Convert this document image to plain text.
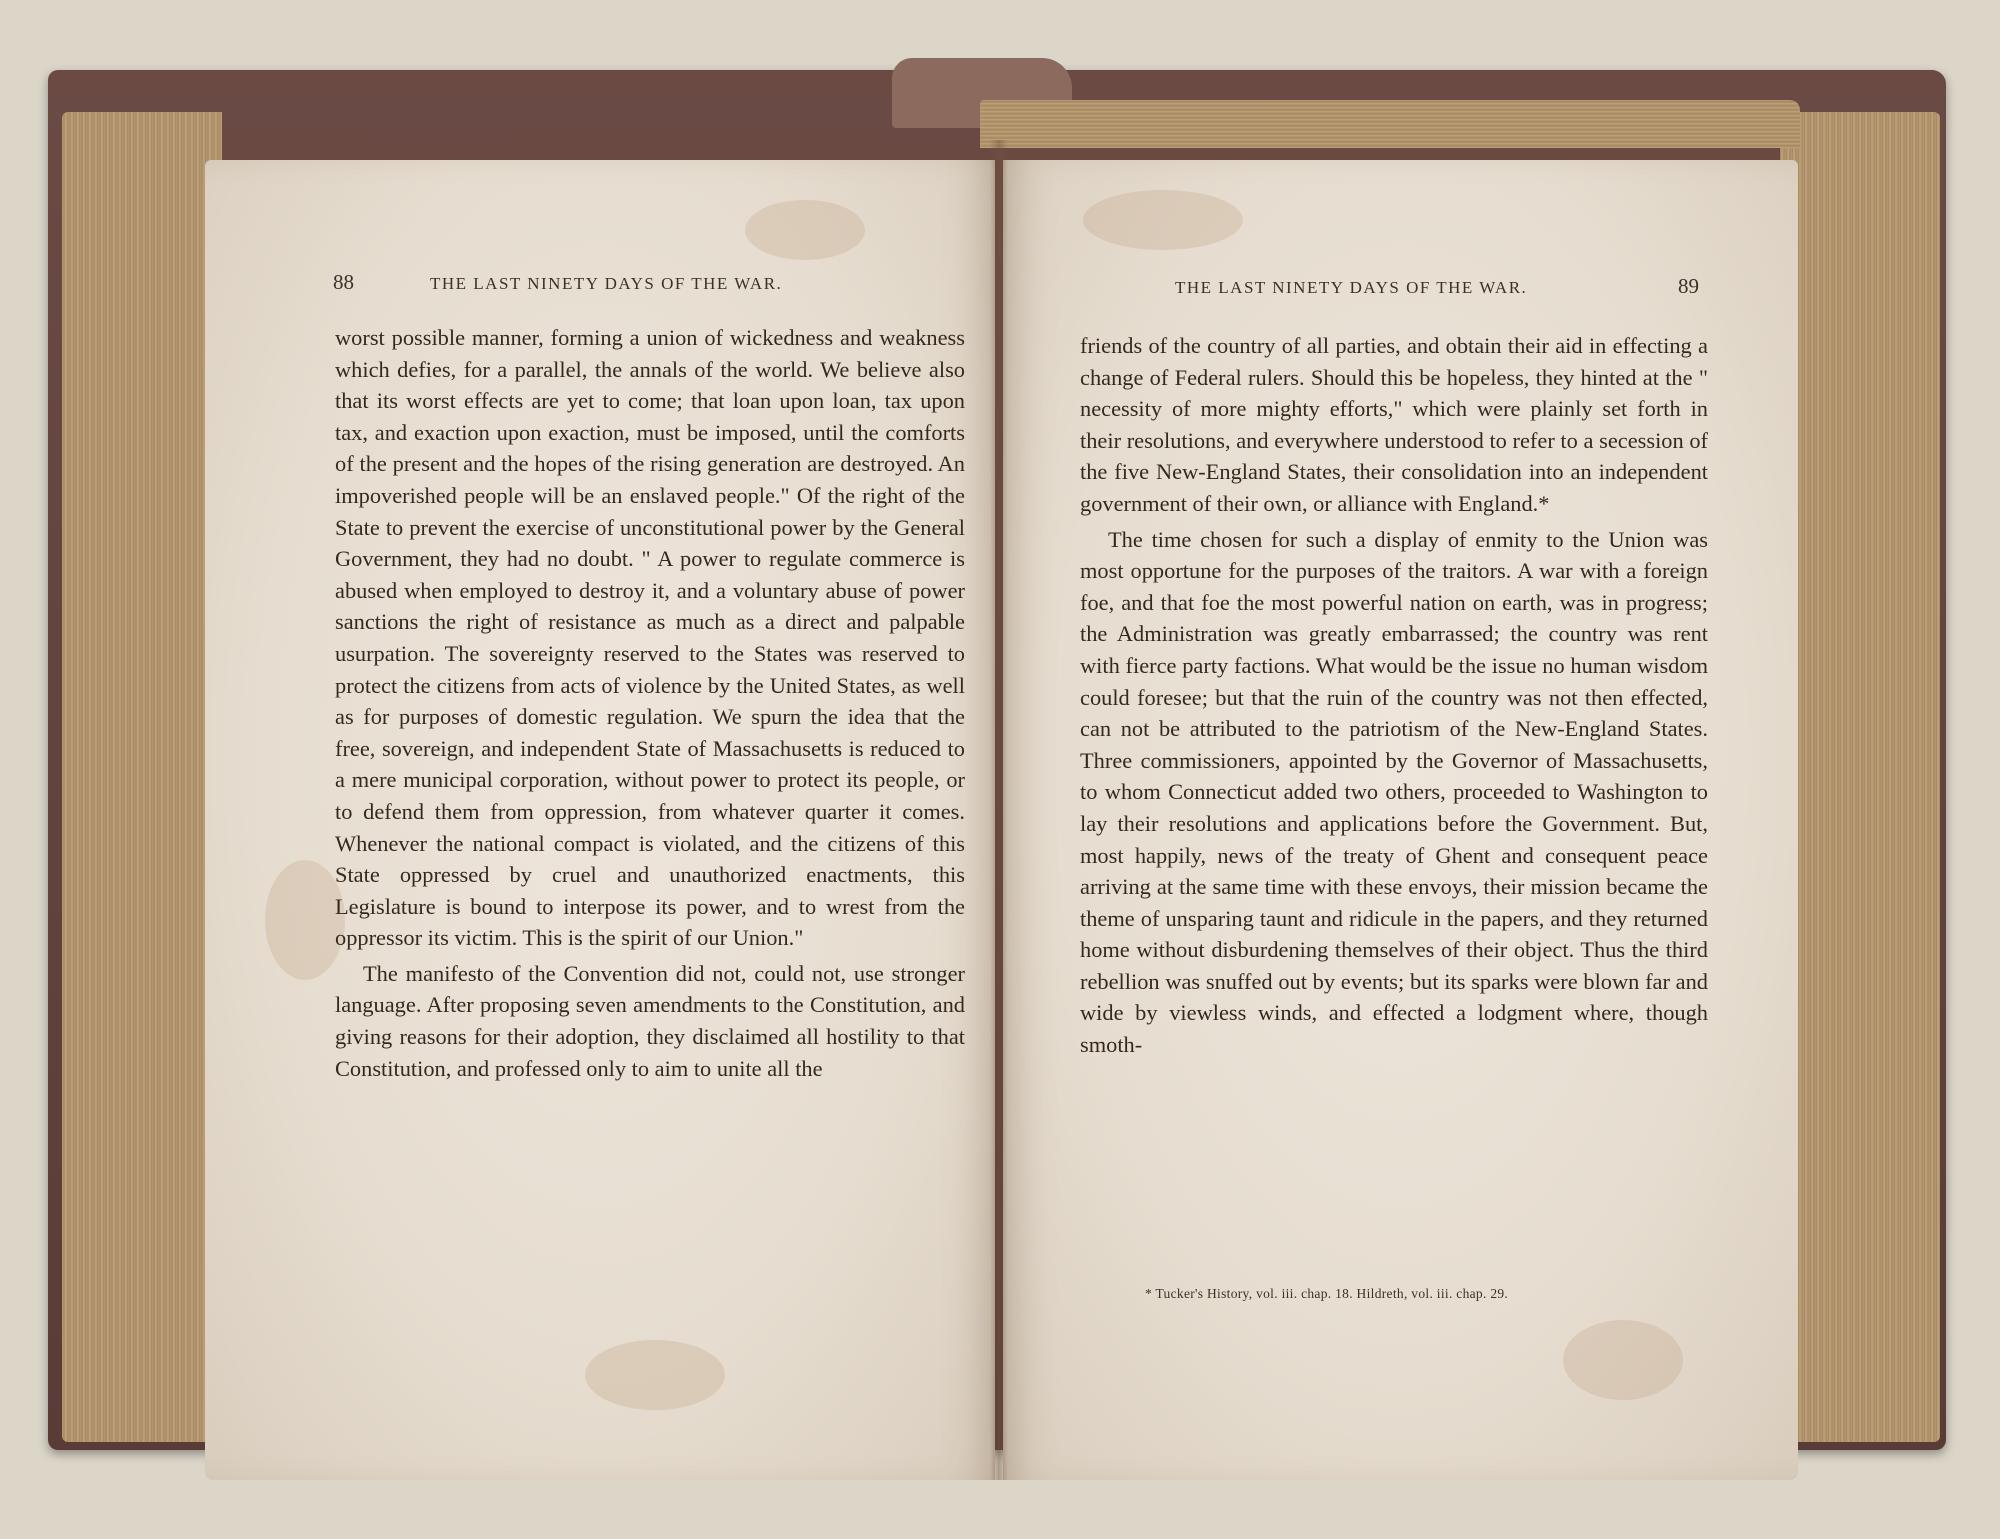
88	THE LAST NINETY DAYS OF THE WAR.

worst possible manner, forming a union of wickedness and weakness which defies, for a parallel, the annals of the world. We believe also that its worst effects are yet to come; that loan upon loan, tax upon tax, and exaction upon exaction, must be imposed, until the comforts of the present and the hopes of the rising generation are destroyed. An impoverished people will be an enslaved people." Of the right of the State to prevent the exercise of unconstitutional power by the General Government, they had no doubt. " A power to regulate commerce is abused when employed to destroy it, and a voluntary abuse of power sanctions the right of resistance as much as a direct and palpable usurpation. The sovereignty reserved to the States was reserved to protect the citizens from acts of violence by the United States, as well as for purposes of domestic regulation. We spurn the idea that the free, sovereign, and independent State of Massachusetts is reduced to a mere municipal corporation, without power to protect its people, or to defend them from oppression, from whatever quarter it comes. Whenever the national compact is violated, and the citizens of this State oppressed by cruel and unauthorized enactments, this Legislature is bound to interpose its power, and to wrest from the oppressor its victim. This is the spirit of our Union."

The manifesto of the Convention did not, could not, use stronger language. After proposing seven amendments to the Constitution, and giving reasons for their adoption, they disclaimed all hostility to that Constitution, and professed only to aim to unite all the

THE LAST NINETY DAYS OF THE WAR.	89

friends of the country of all parties, and obtain their aid in effecting a change of Federal rulers. Should this be hopeless, they hinted at the " necessity of more mighty efforts," which were plainly set forth in their resolutions, and everywhere understood to refer to a secession of the five New-England States, their consolidation into an independent government of their own, or alliance with England.*

The time chosen for such a display of enmity to the Union was most opportune for the purposes of the traitors. A war with a foreign foe, and that foe the most powerful nation on earth, was in progress; the Administration was greatly embarrassed; the country was rent with fierce party factions. What would be the issue no human wisdom could foresee; but that the ruin of the country was not then effected, can not be attributed to the patriotism of the New-England States. Three commissioners, appointed by the Governor of Massachusetts, to whom Connecticut added two others, proceeded to Washington to lay their resolutions and applications before the Government. But, most happily, news of the treaty of Ghent and consequent peace arriving at the same time with these envoys, their mission became the theme of unsparing taunt and ridicule in the papers, and they returned home without disburdening themselves of their object. Thus the third rebellion was snuffed out by events; but its sparks were blown far and wide by viewless winds, and effected a lodgment where, though smoth-

* Tucker's History, vol. iii. chap. 18. Hildreth, vol. iii. chap. 29.
